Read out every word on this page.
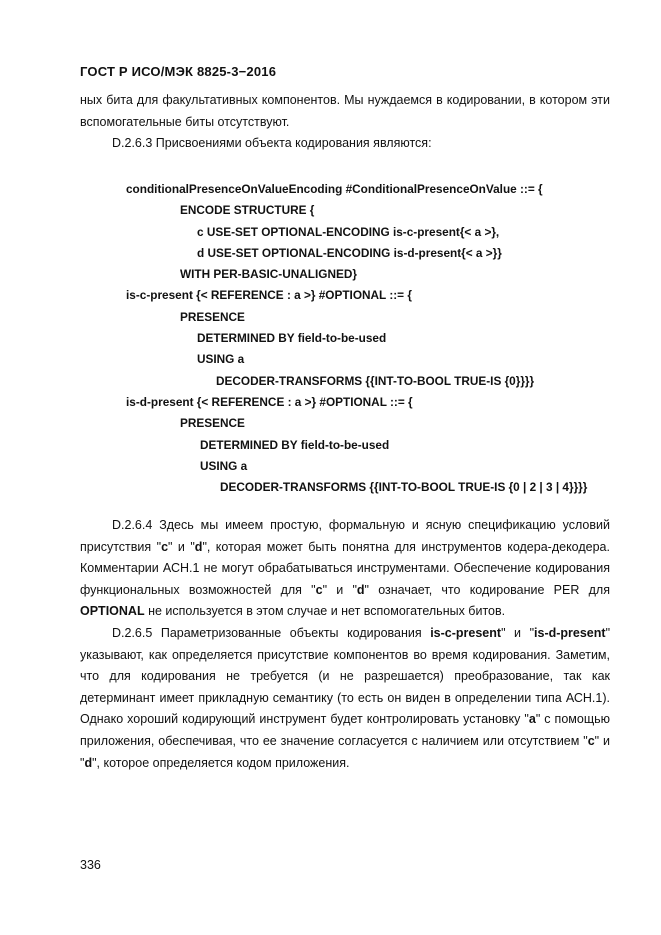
ГОСТ Р ИСО/МЭК 8825-3−2016

ных бита для факультативных компонентов. Мы нуждаемся в кодировании, в котором эти вспомогательные биты отсутствуют.

D.2.6.3 Присвоениями объекта кодирования являются:

conditionalPresenceOnValueEncoding #ConditionalPresenceOnValue ::= {
ENCODE STRUCTURE {
c USE-SET OPTIONAL-ENCODING is-c-present{< a >},
d USE-SET OPTIONAL-ENCODING is-d-present{< a >}}
WITH PER-BASIC-UNALIGNED}
is-c-present {< REFERENCE : a >} #OPTIONAL ::= {
PRESENCE
DETERMINED BY field-to-be-used
USING a
DECODER-TRANSFORMS {{INT-TO-BOOL TRUE-IS {0}}}}
is-d-present {< REFERENCE : a >} #OPTIONAL ::= {
PRESENCE
DETERMINED BY field-to-be-used
USING a
DECODER-TRANSFORMS {{INT-TO-BOOL TRUE-IS {0 | 2 | 3 | 4}}}}

D.2.6.4 Здесь мы имеем простую, формальную и ясную спецификацию условий присутствия "c" и "d", которая может быть понятна для инструментов кодера-декодера. Комментарии АСН.1 не могут обрабатываться инструментами. Обеспечение кодирования функциональных возможностей для "c" и "d" означает, что кодирование PER для OPTIONAL не используется в этом случае и нет вспомогательных битов.

D.2.6.5 Параметризованные объекты кодирования is-c-present" и "is-d-present" указывают, как определяется присутствие компонентов во время кодирования. Заметим, что для кодирования не требуется (и не разрешается) преобразование, так как детерминант имеет прикладную семантику (то есть он виден в определении типа АСН.1). Однако хороший кодирующий инструмент будет контролировать установку "a" с помощью приложения, обеспечивая, что ее значение согласуется с наличием или отсутствием "c" и "d", которое определяется кодом приложения.

336
